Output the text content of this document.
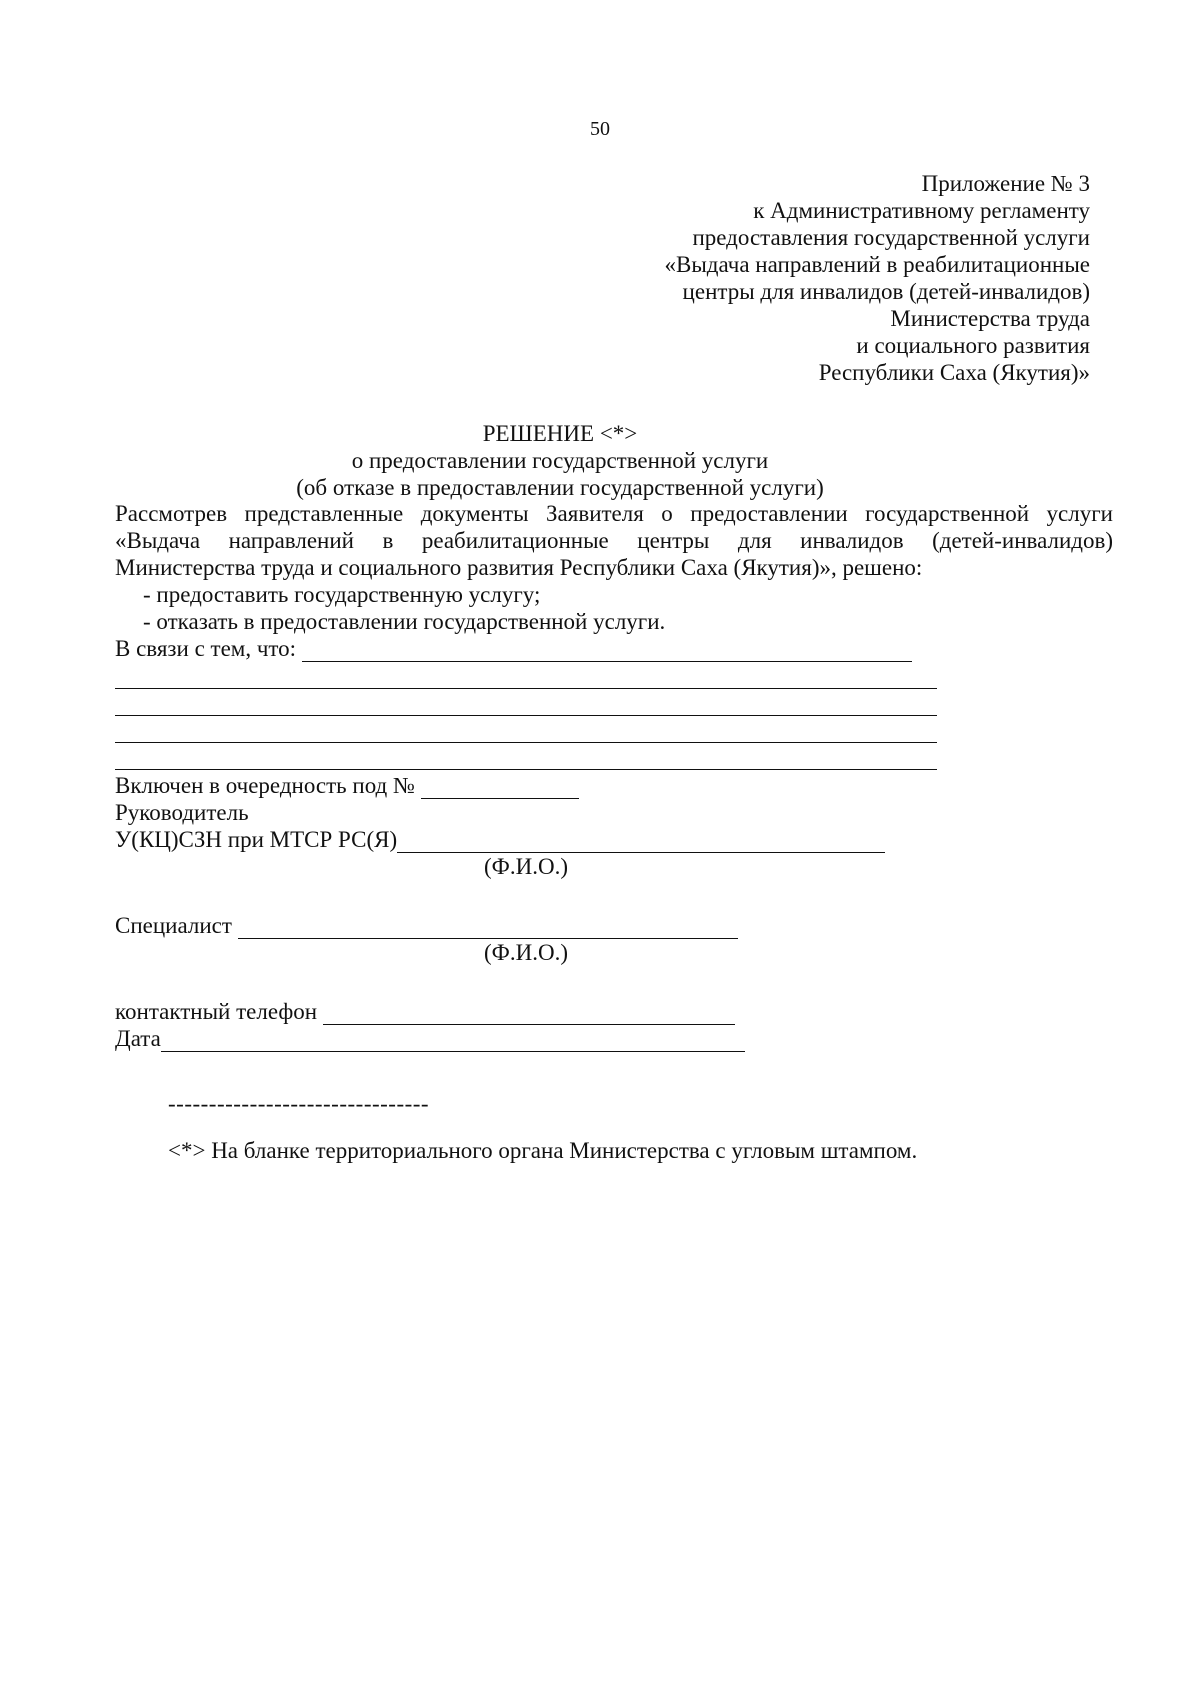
50
Приложение № 3
к Административному регламенту
предоставления государственной услуги
«Выдача направлений в реабилитационные
центры для инвалидов (детей-инвалидов)
Министерства труда
и социального развития
Республики Саха (Якутия)»
РЕШЕНИЕ <*>
о предоставлении государственной услуги
(об отказе в предоставлении государственной услуги)
Рассмотрев представленные документы Заявителя о предоставлении государственной услуги
«Выдача направлений в реабилитационные центры для инвалидов (детей-инвалидов)
Министерства труда и социального развития Республики Саха (Якутия)», решено:
- предоставить государственную услугу;
- отказать в предоставлении государственной услуги.
В связи с тем, что:
Включен в очередность под №
Руководитель
У(КЦ)СЗН при МТСР РС(Я)
(Ф.И.О.)
Специалист
(Ф.И.О.)
контактный телефон
Дата
--------------------------------
<*> На бланке территориального органа Министерства с угловым штампом.
